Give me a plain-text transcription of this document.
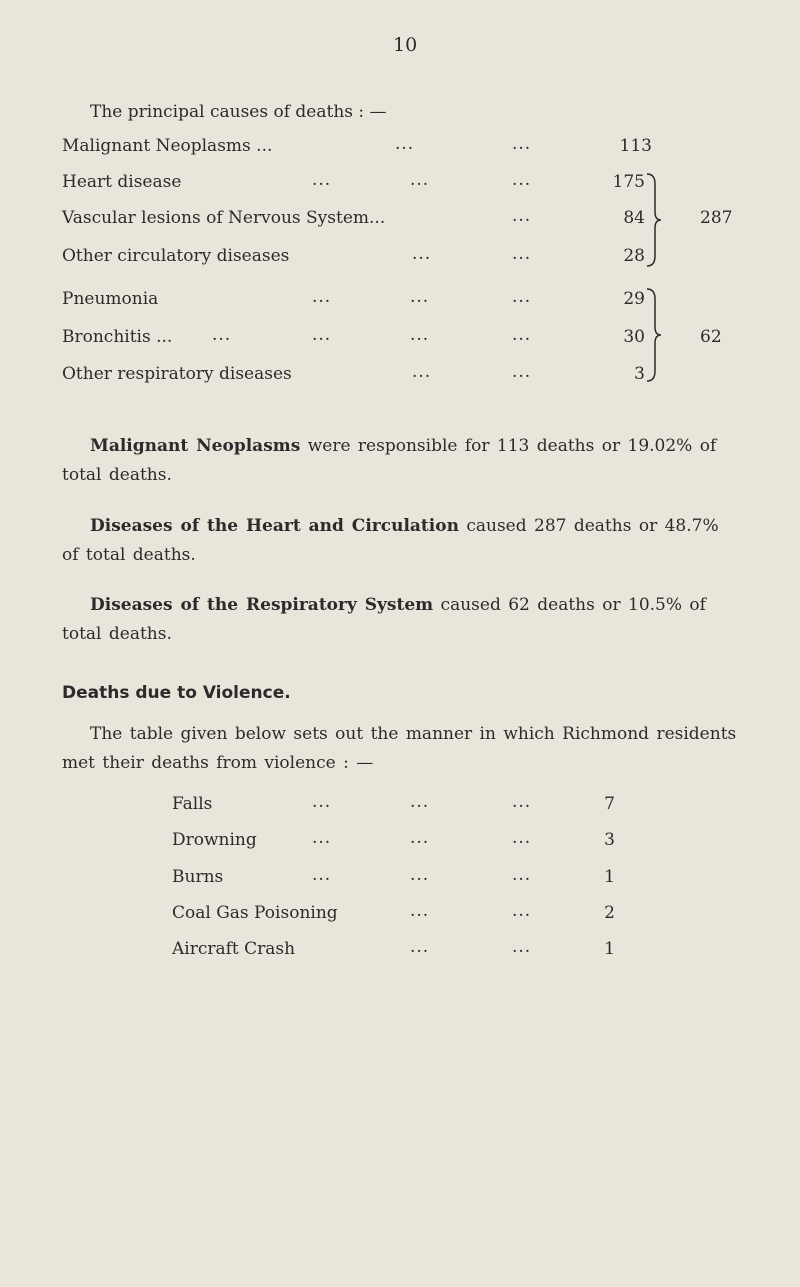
10
The principal causes of deaths : —
Malignant Neoplasms ...	...	...	113
Heart disease	...	...	...	175
Vascular lesions of Nervous System...	...	84
Other circulatory diseases	...	...	28
287
Pneumonia	...	...	...	29
Bronchitis ... ...	...	...	...	30
Other respiratory diseases	...	...	3
62
Malignant Neoplasms were responsible for 113 deaths or 19.02% of total deaths.
Diseases of the Heart and Circulation caused 287 deaths or 48.7% of total deaths.
Diseases of the Respiratory System caused 62 deaths or 10.5% of total deaths.
Deaths due to Violence.
The table given below sets out the manner in which Richmond residents met their deaths from violence : —
Falls	...	...	...	7
Drowning	...	...	...	3
Burns	...	...	...	1
Coal Gas Poisoning	...	...	2
Aircraft Crash	...	...	1
